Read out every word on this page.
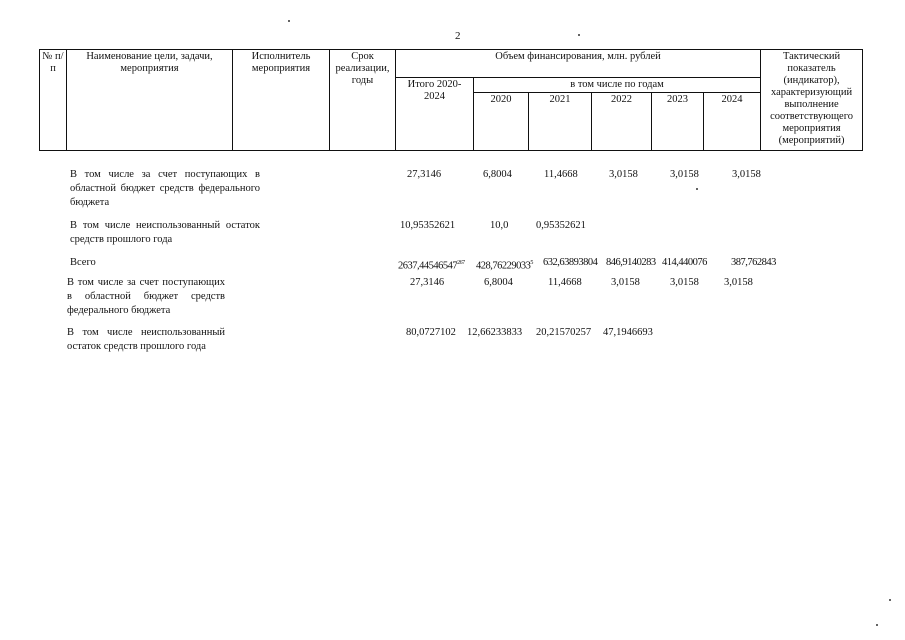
2
№ п/п	Наименование цели, задачи, мероприятия	Исполнитель мероприятия	Срок реализации, годы	Объем финансирования, млн. рублей						Тактический показатель (индикатор), характеризующий выполнение соответствующего мероприятия (мероприятий)
				Итого 2020-2024	в том числе по годам					
					2020	2021	2022	2023	2024	
В том числе за счет поступающих в областной бюджет средств федерального бюджета
27,3146	6,8004	11,4668	3,0158	3,0158	3,0158
В том числе неиспользованный остаток средств прошлого года
10,95352621	10,0	0,95352621
Всего	2637,44546547$^{267}$ 428,76229033$^5$ 632,63893804 846,9140283 414,440076 387,762843
В том числе за счет поступающих в областной бюджет средств федерального бюджета
27,3146	6,8004	11,4668	3,0158	3,0158 3,0158
В том числе неиспользованный остаток средств прошлого года
80,0727102 12,66233833 20,21570257 47,1946693
